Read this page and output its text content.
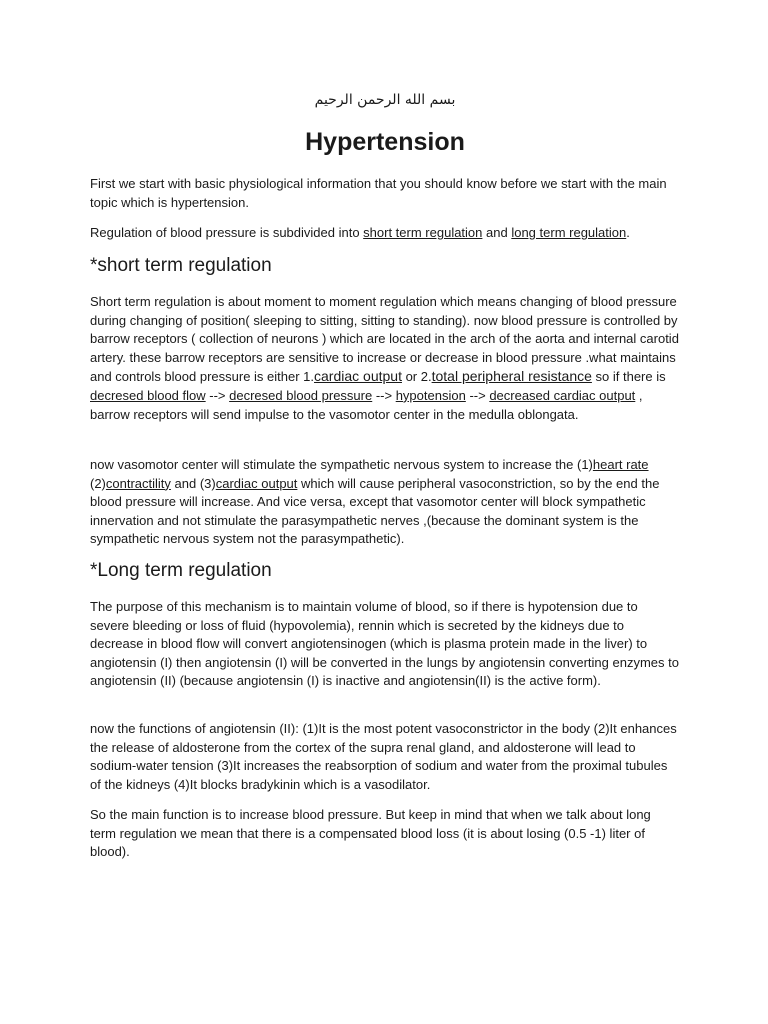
بسم الله الرحمن الرحيم
Hypertension

First we start with basic physiological information that you should know before we start with the main topic which is hypertension.

Regulation of blood pressure is subdivided into short term regulation and long term regulation.

*short term regulation

Short term regulation is about moment to moment regulation which means changing of blood pressure during changing of position( sleeping to sitting, sitting to standing). now blood pressure is controlled by barrow receptors ( collection of neurons ) which are located in the arch of the aorta and internal carotid artery. these barrow receptors are sensitive to increase or decrease in blood pressure .what maintains and controls blood pressure is either 1.cardiac output or 2.total peripheral resistance so if there is decresed blood flow --> decresed blood pressure --> hypotension --> decreased cardiac output , barrow receptors will send impulse to the vasomotor center in the medulla oblongata.

now vasomotor center will stimulate the sympathetic nervous system to increase the (1)heart rate (2)contractility and (3)cardiac output which will cause peripheral vasoconstriction, so by the end the blood pressure will increase. And vice versa, except that vasomotor center will block sympathetic innervation and not stimulate the parasympathetic nerves ,(because the dominant system is the sympathetic nervous system not the parasympathetic).

*Long term regulation

The purpose of this mechanism is to maintain volume of blood, so if there is hypotension due to severe bleeding or loss of fluid (hypovolemia), rennin which is secreted by the kidneys due to decrease in blood flow will convert angiotensinogen (which is plasma protein made in the liver) to angiotensin (I) then angiotensin (I) will be converted in the lungs by angiotensin converting enzymes to angiotensin (II) (because angiotensin (I) is inactive and angiotensin(II) is the active form).

now the functions of angiotensin (II): (1)It is the most potent vasoconstrictor in the body (2)It enhances the release of aldosterone from the cortex of the supra renal gland, and aldosterone will lead to sodium-water tension (3)It increases the reabsorption of sodium and water from the proximal tubules of the kidneys (4)It blocks bradykinin which is a vasodilator.

So the main function is to increase blood pressure. But keep in mind that when we talk about long term regulation we mean that there is a compensated blood loss (it is about losing (0.5 -1) liter of blood).
